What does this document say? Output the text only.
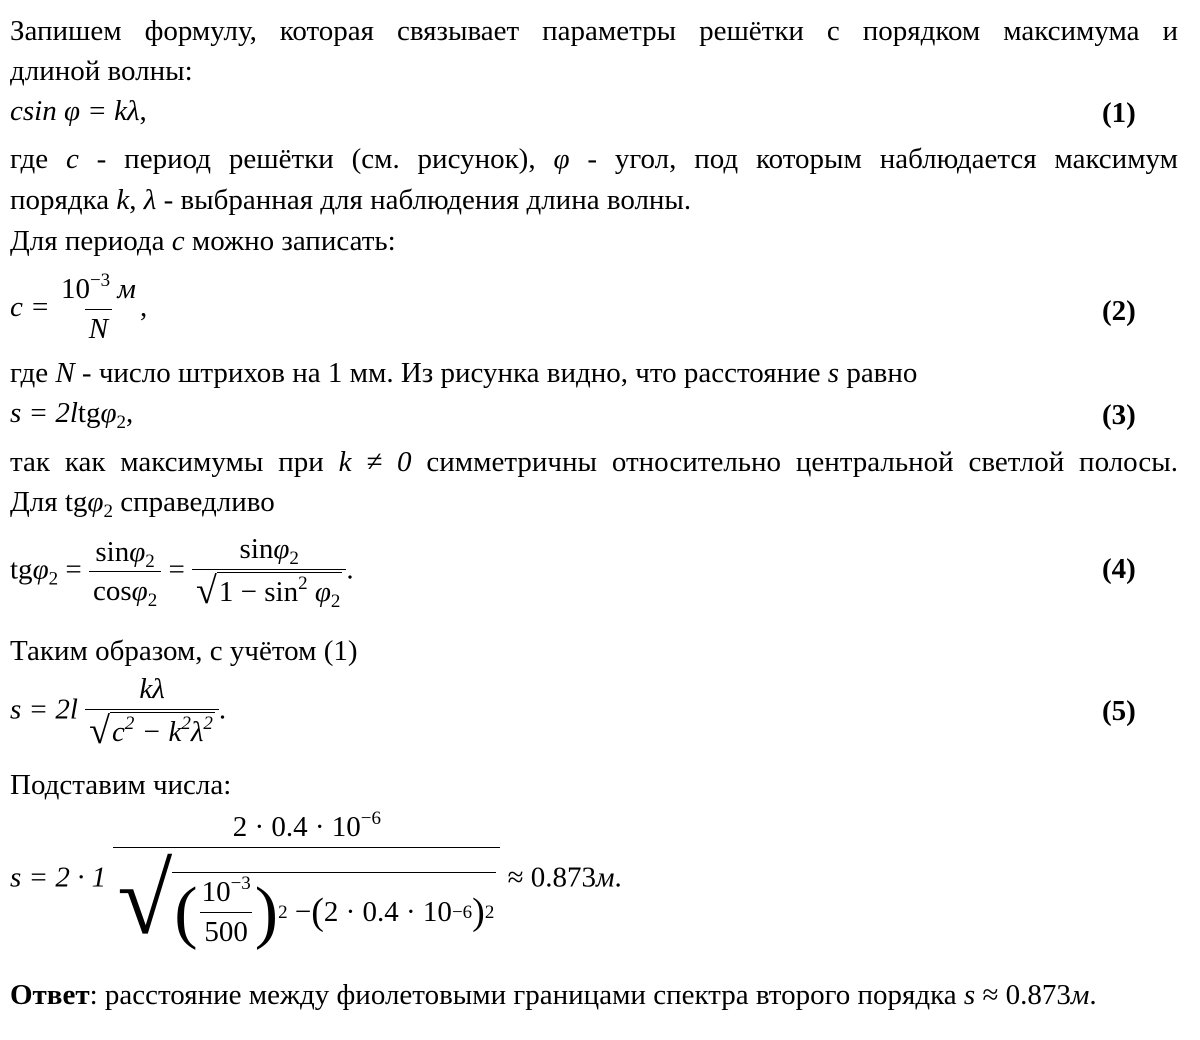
Запишем формулу, которая связывает параметры решётки с порядком максимума и
длиной волны:
csin φ = kλ,	(1)
где c - период решётки (см. рисунок), φ - угол, под которым наблюдается максимум
порядка k, λ - выбранная для наблюдения длина волны.
Для периода c можно записать:
$c = \frac{10^{-3} м}{N}$ ,	(2)
где N - число штрихов на 1 мм. Из рисунка видно, что расстояние s равно
s = 2ltgφ$_2$,	(3)
так как максимумы при k ≠ 0 симметричны относительно центральной светлой полосы.
Для tgφ$_2$ справедливо
$tg\varphi_2 = \frac{\sin\varphi_2}{\cos\varphi_2} = \frac{\sin\varphi_2}{√ 1 - \sin^2 \varphi_2}$ .	(4)
Таким образом, с учётом (1)
$s = 2l \frac{k\lambda}{√ c^2 - k^2\lambda^2}$ .	(5)
Подставим числа:
s = 2 · 1
$2 \cdot 0.4 \cdot 10^{-6}$
√ ( $\frac{10^{-3}}{500}$ ) 2
− ( 2 · 0.4 · 10 −6 ) 2
≈ 0.873м.
Ответ: расстояние между фиолетовыми границами спектра второго порядка s ≈ 0.873м.
